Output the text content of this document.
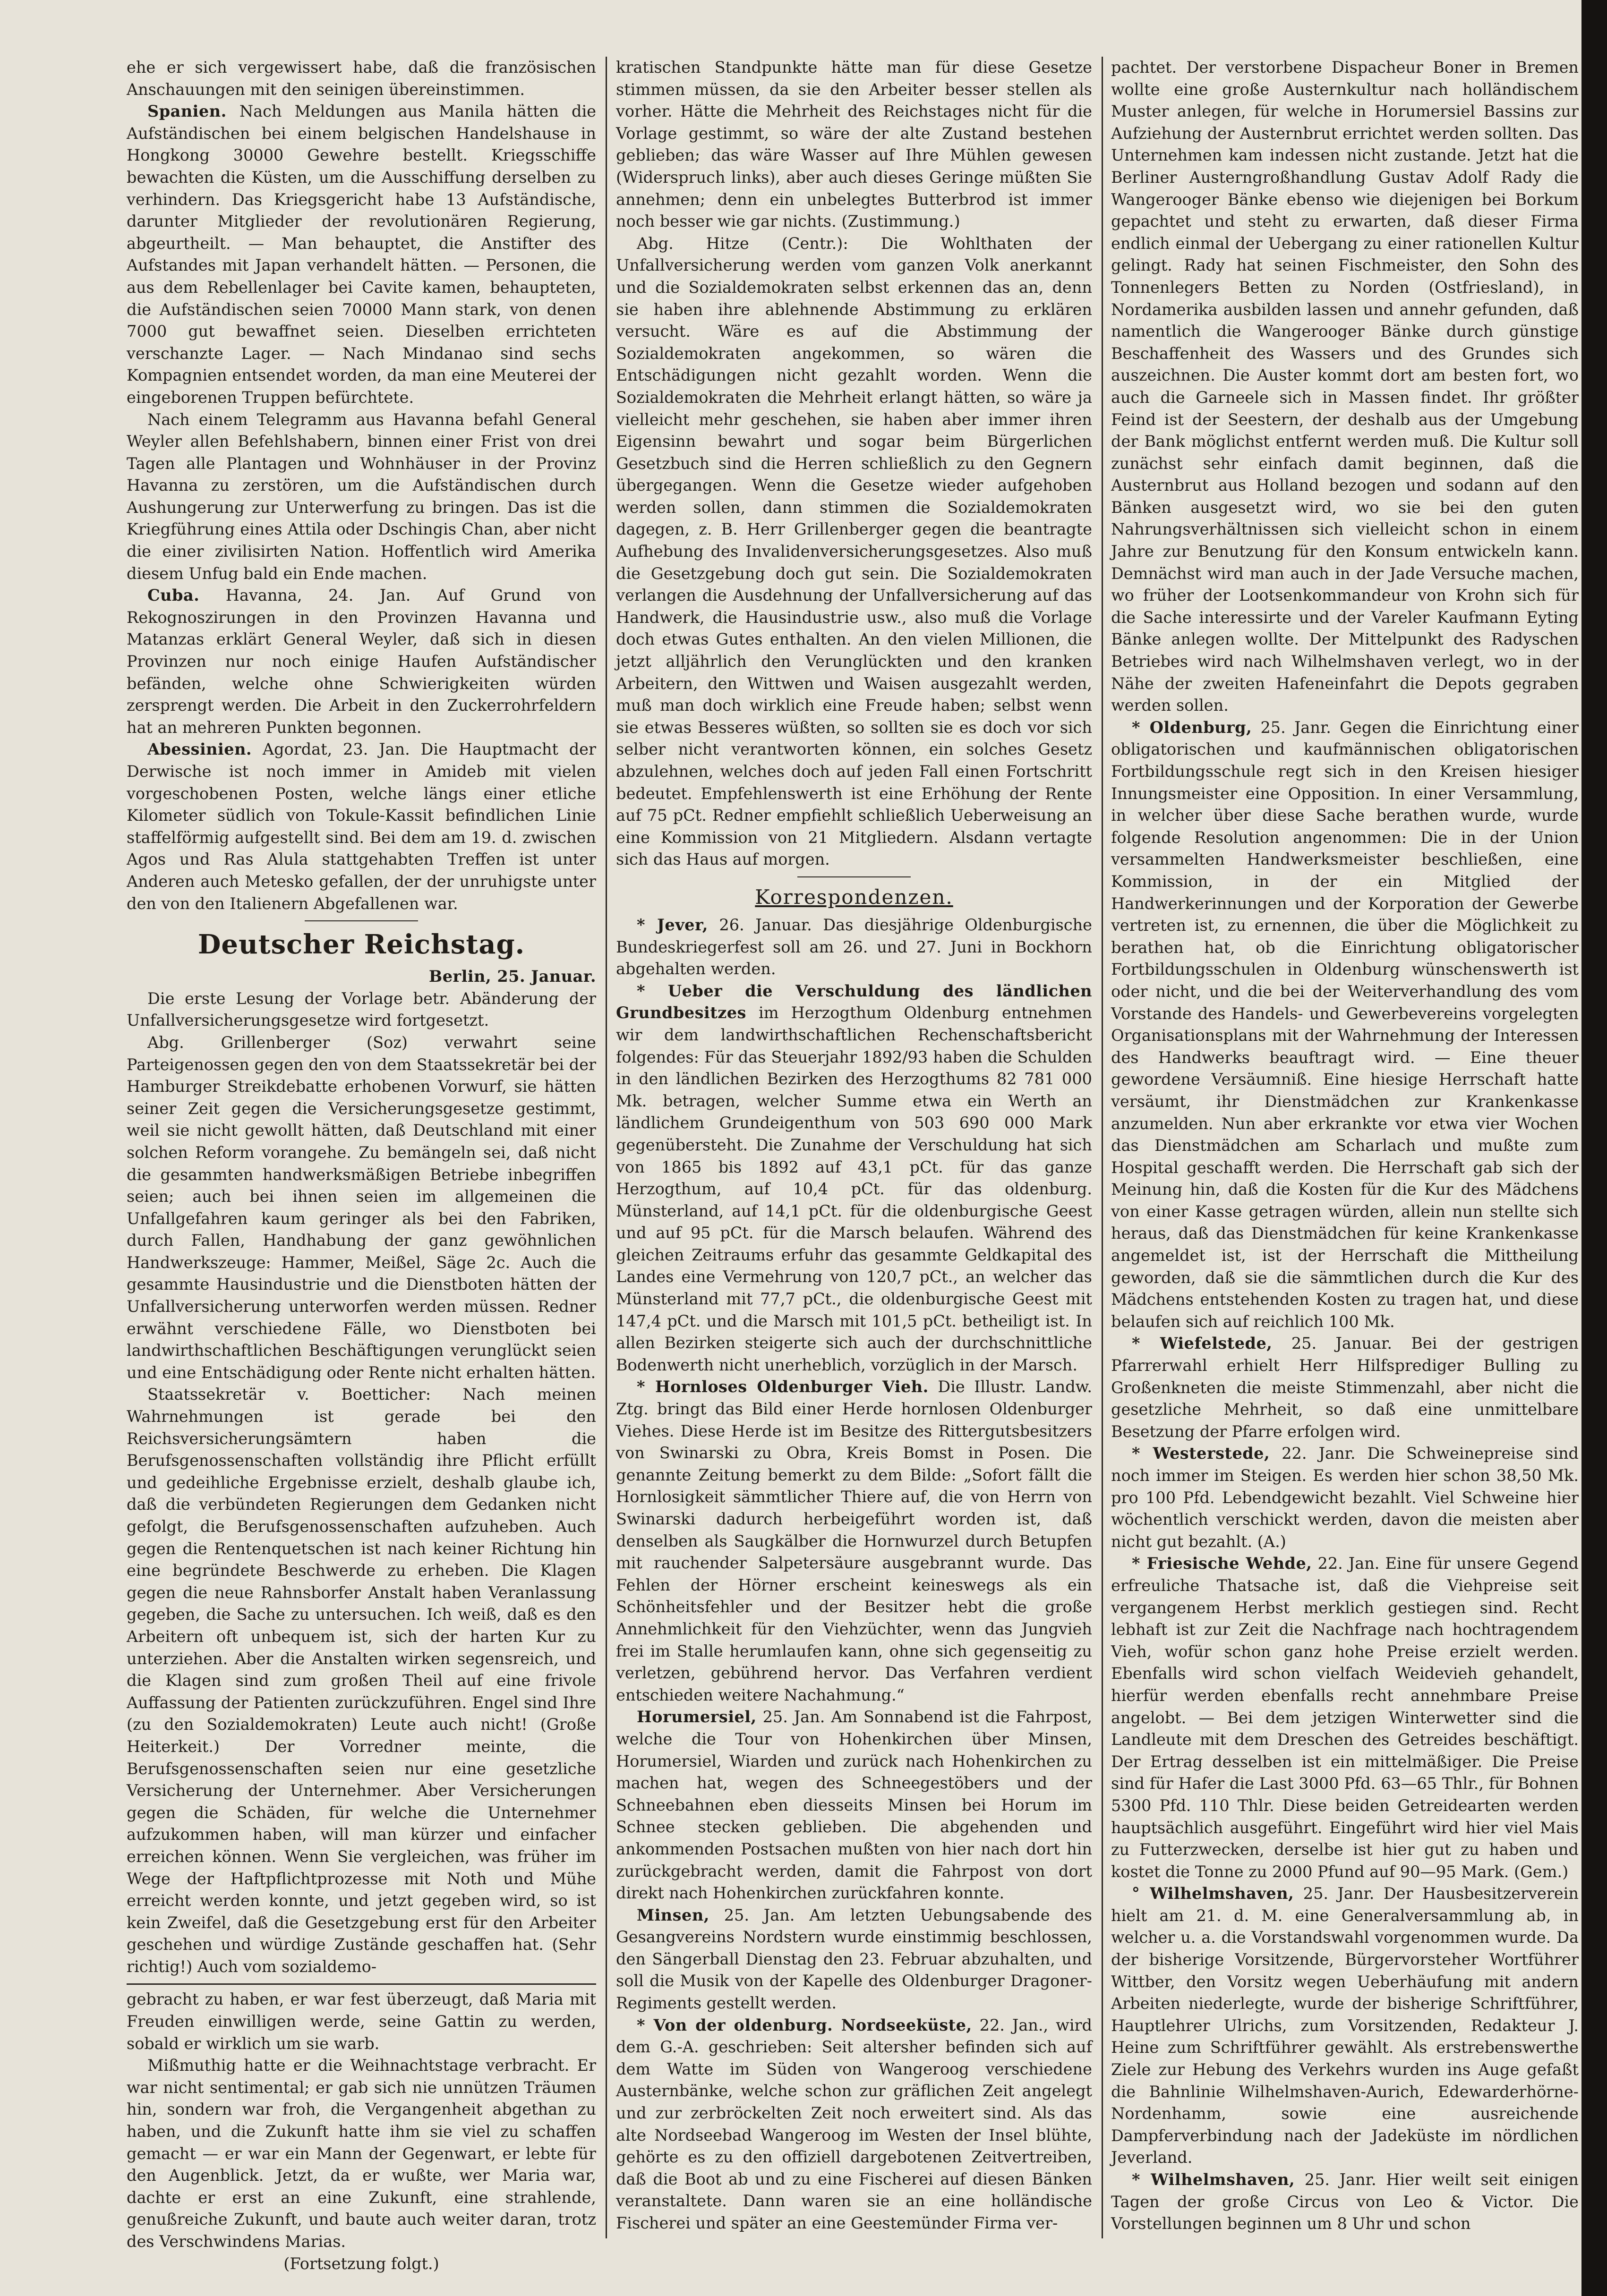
ehe er sich vergewissert habe, daß die französischen Anschauungen mit den seinigen übereinstimmen.

Spanien. Nach Meldungen aus Manila hätten die Aufständischen bei einem belgischen Handelshause in Hongkong 30000 Gewehre bestellt. Kriegsschiffe bewachten die Küsten, um die Ausschiffung derselben zu verhindern. Das Kriegsgericht habe 13 Aufständische, darunter Mitglieder der revolutionären Regierung, abgeurtheilt. — Man behauptet, die Anstifter des Aufstandes mit Japan verhandelt hätten. — Personen, die aus dem Rebellenlager bei Cavite kamen, behaupteten, die Aufständischen seien 70000 Mann stark, von denen 7000 gut bewaffnet seien. Dieselben errichteten verschanzte Lager. — Nach Mindanao sind sechs Kompagnien entsendet worden, da man eine Meuterei der eingeborenen Truppen befürchtete.

Nach einem Telegramm aus Havanna befahl General Weyler allen Befehlshabern, binnen einer Frist von drei Tagen alle Plantagen und Wohnhäuser in der Provinz Havanna zu zerstören, um die Aufständischen durch Aushungerung zur Unterwerfung zu bringen. Das ist die Kriegführung eines Attila oder Dschingis Chan, aber nicht die einer zivilisirten Nation. Hoffentlich wird Amerika diesem Unfug bald ein Ende machen.

Cuba. Havanna, 24. Jan. Auf Grund von Rekognoszirungen in den Provinzen Havanna und Matanzas erklärt General Weyler, daß sich in diesen Provinzen nur noch einige Haufen Aufständischer befänden, welche ohne Schwierigkeiten würden zersprengt werden. Die Arbeit in den Zuckerrohrfeldern hat an mehreren Punkten begonnen.

Abessinien. Agordat, 23. Jan. Die Hauptmacht der Derwische ist noch immer in Amideb mit vielen vorgeschobenen Posten, welche längs einer etliche Kilometer südlich von Tokule-Kassit befindlichen Linie staffelförmig aufgestellt sind. Bei dem am 19. d. zwischen Agos und Ras Alula stattgehabten Treffen ist unter Anderen auch Metesko gefallen, der der unruhigste unter den von den Italienern Abgefallenen war.

Deutscher Reichstag.

Berlin, 25. Januar.

Die erste Lesung der Vorlage betr. Abänderung der Unfallversicherungsgesetze wird fortgesetzt.

Abg. Grillenberger (Soz) verwahrt seine Parteigenossen gegen den von dem Staatssekretär bei der Hamburger Streikdebatte erhobenen Vorwurf, sie hätten seiner Zeit gegen die Versicherungsgesetze gestimmt, weil sie nicht gewollt hätten, daß Deutschland mit einer solchen Reform vorangehe. Zu bemängeln sei, daß nicht die gesammten handwerksmäßigen Betriebe inbegriffen seien; auch bei ihnen seien im allgemeinen die Unfallgefahren kaum geringer als bei den Fabriken, durch Fallen, Handhabung der ganz gewöhnlichen Handwerkszeuge: Hammer, Meißel, Säge 2c. Auch die gesammte Hausindustrie und die Dienstboten hätten der Unfallversicherung unterworfen werden müssen. Redner erwähnt verschiedene Fälle, wo Dienstboten bei landwirthschaftlichen Beschäftigungen verunglückt seien und eine Entschädigung oder Rente nicht erhalten hätten.

Staatssekretär v. Boetticher: Nach meinen Wahrnehmungen ist gerade bei den Reichsversicherungsämtern haben die Berufsgenossenschaften vollständig ihre Pflicht erfüllt und gedeihliche Ergebnisse erzielt, deshalb glaube ich, daß die verbündeten Regierungen dem Gedanken nicht gefolgt, die Berufsgenossenschaften aufzuheben. Auch gegen die Rentenquetschen ist nach keiner Richtung hin eine begründete Beschwerde zu erheben. Die Klagen gegen die neue Rahnsborfer Anstalt haben Veranlassung gegeben, die Sache zu untersuchen. Ich weiß, daß es den Arbeitern oft unbequem ist, sich der harten Kur zu unterziehen. Aber die Anstalten wirken segensreich, und die Klagen sind zum großen Theil auf eine frivole Auffassung der Patienten zurückzuführen. Engel sind Ihre (zu den Sozialdemokraten) Leute auch nicht! (Große Heiterkeit.) Der Vorredner meinte, die Berufsgenossenschaften seien nur eine gesetzliche Versicherung der Unternehmer. Aber Versicherungen gegen die Schäden, für welche die Unternehmer aufzukommen haben, will man kürzer und einfacher erreichen können. Wenn Sie vergleichen, was früher im Wege der Haftpflichtprozesse mit Noth und Mühe erreicht werden konnte, und jetzt gegeben wird, so ist kein Zweifel, daß die Gesetzgebung erst für den Arbeiter geschehen und würdige Zustände geschaffen hat. (Sehr richtig!) Auch vom sozialdemo-

gebracht zu haben, er war fest überzeugt, daß Maria mit Freuden einwilligen werde, seine Gattin zu werden, sobald er wirklich um sie warb.

Mißmuthig hatte er die Weihnachtstage verbracht. Er war nicht sentimental; er gab sich nie unnützen Träumen hin, sondern war froh, die Vergangenheit abgethan zu haben, und die Zukunft hatte ihm sie viel zu schaffen gemacht — er war ein Mann der Gegenwart, er lebte für den Augenblick. Jetzt, da er wußte, wer Maria war, dachte er erst an eine Zukunft, eine strahlende, genußreiche Zukunft, und baute auch weiter daran, trotz des Verschwindens Marias.

(Fortsetzung folgt.)

kratischen Standpunkte hätte man für diese Gesetze stimmen müssen, da sie den Arbeiter besser stellen als vorher. Hätte die Mehrheit des Reichstages nicht für die Vorlage gestimmt, so wäre der alte Zustand bestehen geblieben; das wäre Wasser auf Ihre Mühlen gewesen (Widerspruch links), aber auch dieses Geringe müßten Sie annehmen; denn ein unbelegtes Butterbrod ist immer noch besser wie gar nichts. (Zustimmung.)

Abg. Hitze (Centr.): Die Wohlthaten der Unfallversicherung werden vom ganzen Volk anerkannt und die Sozialdemokraten selbst erkennen das an, denn sie haben ihre ablehnende Abstimmung zu erklären versucht. Wäre es auf die Abstimmung der Sozialdemokraten angekommen, so wären die Entschädigungen nicht gezahlt worden. Wenn die Sozialdemokraten die Mehrheit erlangt hätten, so wäre ja vielleicht mehr geschehen, sie haben aber immer ihren Eigensinn bewahrt und sogar beim Bürgerlichen Gesetzbuch sind die Herren schließlich zu den Gegnern übergegangen. Wenn die Gesetze wieder aufgehoben werden sollen, dann stimmen die Sozialdemokraten dagegen, z. B. Herr Grillenberger gegen die beantragte Aufhebung des Invalidenversicherungsgesetzes. Also muß die Gesetzgebung doch gut sein. Die Sozialdemokraten verlangen die Ausdehnung der Unfallversicherung auf das Handwerk, die Hausindustrie usw., also muß die Vorlage doch etwas Gutes enthalten. An den vielen Millionen, die jetzt alljährlich den Verunglückten und den kranken Arbeitern, den Wittwen und Waisen ausgezahlt werden, muß man doch wirklich eine Freude haben; selbst wenn sie etwas Besseres wüßten, so sollten sie es doch vor sich selber nicht verantworten können, ein solches Gesetz abzulehnen, welches doch auf jeden Fall einen Fortschritt bedeutet. Empfehlenswerth ist eine Erhöhung der Rente auf 75 pCt. Redner empfiehlt schließlich Ueberweisung an eine Kommission von 21 Mitgliedern. Alsdann vertagte sich das Haus auf morgen.

Korrespondenzen.

* Jever, 26. Januar. Das diesjährige Oldenburgische Bundeskriegerfest soll am 26. und 27. Juni in Bockhorn abgehalten werden.

* Ueber die Verschuldung des ländlichen Grundbesitzes im Herzogthum Oldenburg entnehmen wir dem landwirthschaftlichen Rechenschaftsbericht folgendes: Für das Steuerjahr 1892/93 haben die Schulden in den ländlichen Bezirken des Herzogthums 82 781 000 Mk. betragen, welcher Summe etwa ein Werth an ländlichem Grundeigenthum von 503 690 000 Mark gegenübersteht. Die Zunahme der Verschuldung hat sich von 1865 bis 1892 auf 43,1 pCt. für das ganze Herzogthum, auf 10,4 pCt. für das oldenburg. Münsterland, auf 14,1 pCt. für die oldenburgische Geest und auf 95 pCt. für die Marsch belaufen. Während des gleichen Zeitraums erfuhr das gesammte Geldkapital des Landes eine Vermehrung von 120,7 pCt., an welcher das Münsterland mit 77,7 pCt., die oldenburgische Geest mit 147,4 pCt. und die Marsch mit 101,5 pCt. betheiligt ist. In allen Bezirken steigerte sich auch der durchschnittliche Bodenwerth nicht unerheblich, vorzüglich in der Marsch.

* Hornloses Oldenburger Vieh. Die Illustr. Landw. Ztg. bringt das Bild einer Herde hornlosen Oldenburger Viehes. Diese Herde ist im Besitze des Rittergutsbesitzers von Swinarski zu Obra, Kreis Bomst in Posen. Die genannte Zeitung bemerkt zu dem Bilde: „Sofort fällt die Hornlosigkeit sämmtlicher Thiere auf, die von Herrn von Swinarski dadurch herbeigeführt worden ist, daß denselben als Saugkälber die Hornwurzel durch Betupfen mit rauchender Salpetersäure ausgebrannt wurde. Das Fehlen der Hörner erscheint keineswegs als ein Schönheitsfehler und der Besitzer hebt die große Annehmlichkeit für den Viehzüchter, wenn das Jungvieh frei im Stalle herumlaufen kann, ohne sich gegenseitig zu verletzen, gebührend hervor. Das Verfahren verdient entschieden weitere Nachahmung.“

Horumersiel, 25. Jan. Am Sonnabend ist die Fahrpost, welche die Tour von Hohenkirchen über Minsen, Horumersiel, Wiarden und zurück nach Hohenkirchen zu machen hat, wegen des Schneegestöbers und der Schneebahnen eben diesseits Minsen bei Horum im Schnee stecken geblieben. Die abgehenden und ankommenden Postsachen mußten von hier nach dort hin zurückgebracht werden, damit die Fahrpost von dort direkt nach Hohenkirchen zurückfahren konnte.

Minsen, 25. Jan. Am letzten Uebungsabende des Gesangvereins Nordstern wurde einstimmig beschlossen, den Sängerball Dienstag den 23. Februar abzuhalten, und soll die Musik von der Kapelle des Oldenburger Dragoner-Regiments gestellt werden.

* Von der oldenburg. Nordseeküste, 22. Jan., wird dem G.-A. geschrieben: Seit altersher befinden sich auf dem Watte im Süden von Wangeroog verschiedene Austernbänke, welche schon zur gräflichen Zeit angelegt und zur zerbröckelten Zeit noch erweitert sind. Als das alte Nordseebad Wangeroog im Westen der Insel blühte, gehörte es zu den offiziell dargebotenen Zeitvertreiben, daß die Boot ab und zu eine Fischerei auf diesen Bänken veranstaltete. Dann waren sie an eine holländische Fischerei und später an eine Geestemünder Firma ver-

pachtet. Der verstorbene Dispacheur Boner in Bremen wollte eine große Austernkultur nach holländischem Muster anlegen, für welche in Horumersiel Bassins zur Aufziehung der Austernbrut errichtet werden sollten. Das Unternehmen kam indessen nicht zustande. Jetzt hat die Berliner Austerngroßhandlung Gustav Adolf Rady die Wangerooger Bänke ebenso wie diejenigen bei Borkum gepachtet und steht zu erwarten, daß dieser Firma endlich einmal der Uebergang zu einer rationellen Kultur gelingt. Rady hat seinen Fischmeister, den Sohn des Tonnenlegers Betten zu Norden (Ostfriesland), in Nordamerika ausbilden lassen und annehr gefunden, daß namentlich die Wangerooger Bänke durch günstige Beschaffenheit des Wassers und des Grundes sich auszeichnen. Die Auster kommt dort am besten fort, wo auch die Garneele sich in Massen findet. Ihr größter Feind ist der Seestern, der deshalb aus der Umgebung der Bank möglichst entfernt werden muß. Die Kultur soll zunächst sehr einfach damit beginnen, daß die Austernbrut aus Holland bezogen und sodann auf den Bänken ausgesetzt wird, wo sie bei den guten Nahrungsverhältnissen sich vielleicht schon in einem Jahre zur Benutzung für den Konsum entwickeln kann. Demnächst wird man auch in der Jade Versuche machen, wo früher der Lootsenkommandeur von Krohn sich für die Sache interessirte und der Vareler Kaufmann Eyting Bänke anlegen wollte. Der Mittelpunkt des Radyschen Betriebes wird nach Wilhelmshaven verlegt, wo in der Nähe der zweiten Hafeneinfahrt die Depots gegraben werden sollen.

* Oldenburg, 25. Janr. Gegen die Einrichtung einer obligatorischen und kaufmännischen obligatorischen Fortbildungsschule regt sich in den Kreisen hiesiger Innungsmeister eine Opposition. In einer Versammlung, in welcher über diese Sache berathen wurde, wurde folgende Resolution angenommen: Die in der Union versammelten Handwerksmeister beschließen, eine Kommission, in der ein Mitglied der Handwerkerinnungen und der Korporation der Gewerbe vertreten ist, zu ernennen, die über die Möglichkeit zu berathen hat, ob die Einrichtung obligatorischer Fortbildungsschulen in Oldenburg wünschenswerth ist oder nicht, und die bei der Weiterverhandlung des vom Vorstande des Handels- und Gewerbevereins vorgelegten Organisationsplans mit der Wahrnehmung der Interessen des Handwerks beauftragt wird. — Eine theuer gewordene Versäumniß. Eine hiesige Herrschaft hatte versäumt, ihr Dienstmädchen zur Krankenkasse anzumelden. Nun aber erkrankte vor etwa vier Wochen das Dienstmädchen am Scharlach und mußte zum Hospital geschafft werden. Die Herrschaft gab sich der Meinung hin, daß die Kosten für die Kur des Mädchens von einer Kasse getragen würden, allein nun stellte sich heraus, daß das Dienstmädchen für keine Krankenkasse angemeldet ist, ist der Herrschaft die Mittheilung geworden, daß sie die sämmtlichen durch die Kur des Mädchens entstehenden Kosten zu tragen hat, und diese belaufen sich auf reichlich 100 Mk.

* Wiefelstede, 25. Januar. Bei der gestrigen Pfarrerwahl erhielt Herr Hilfsprediger Bulling zu Großenkneten die meiste Stimmenzahl, aber nicht die gesetzliche Mehrheit, so daß eine unmittelbare Besetzung der Pfarre erfolgen wird.

* Westerstede, 22. Janr. Die Schweinepreise sind noch immer im Steigen. Es werden hier schon 38,50 Mk. pro 100 Pfd. Lebendgewicht bezahlt. Viel Schweine hier wöchentlich verschickt werden, davon die meisten aber nicht gut bezahlt. (A.)

* Friesische Wehde, 22. Jan. Eine für unsere Gegend erfreuliche Thatsache ist, daß die Viehpreise seit vergangenem Herbst merklich gestiegen sind. Recht lebhaft ist zur Zeit die Nachfrage nach hochtragendem Vieh, wofür schon ganz hohe Preise erzielt werden. Ebenfalls wird schon vielfach Weidevieh gehandelt, hierfür werden ebenfalls recht annehmbare Preise angelobt. — Bei dem jetzigen Winterwetter sind die Landleute mit dem Dreschen des Getreides beschäftigt. Der Ertrag desselben ist ein mittelmäßiger. Die Preise sind für Hafer die Last 3000 Pfd. 63—65 Thlr., für Bohnen 5300 Pfd. 110 Thlr. Diese beiden Getreidearten werden hauptsächlich ausgeführt. Eingeführt wird hier viel Mais zu Futterzwecken, derselbe ist hier gut zu haben und kostet die Tonne zu 2000 Pfund auf 90—95 Mark. (Gem.)

° Wilhelmshaven, 25. Janr. Der Hausbesitzerverein hielt am 21. d. M. eine Generalversammlung ab, in welcher u. a. die Vorstandswahl vorgenommen wurde. Da der bisherige Vorsitzende, Bürgervorsteher Wortführer Wittber, den Vorsitz wegen Ueberhäufung mit andern Arbeiten niederlegte, wurde der bisherige Schriftführer, Hauptlehrer Ulrichs, zum Vorsitzenden, Redakteur J. Heine zum Schriftführer gewählt. Als erstrebenswerthe Ziele zur Hebung des Verkehrs wurden ins Auge gefaßt die Bahnlinie Wilhelmshaven-Aurich, Edewarderhörne-Nordenhamm, sowie eine ausreichende Dampferverbindung nach der Jadeküste im nördlichen Jeverland.

* Wilhelmshaven, 25. Janr. Hier weilt seit einigen Tagen der große Circus von Leo & Victor. Die Vorstellungen beginnen um 8 Uhr und schon
